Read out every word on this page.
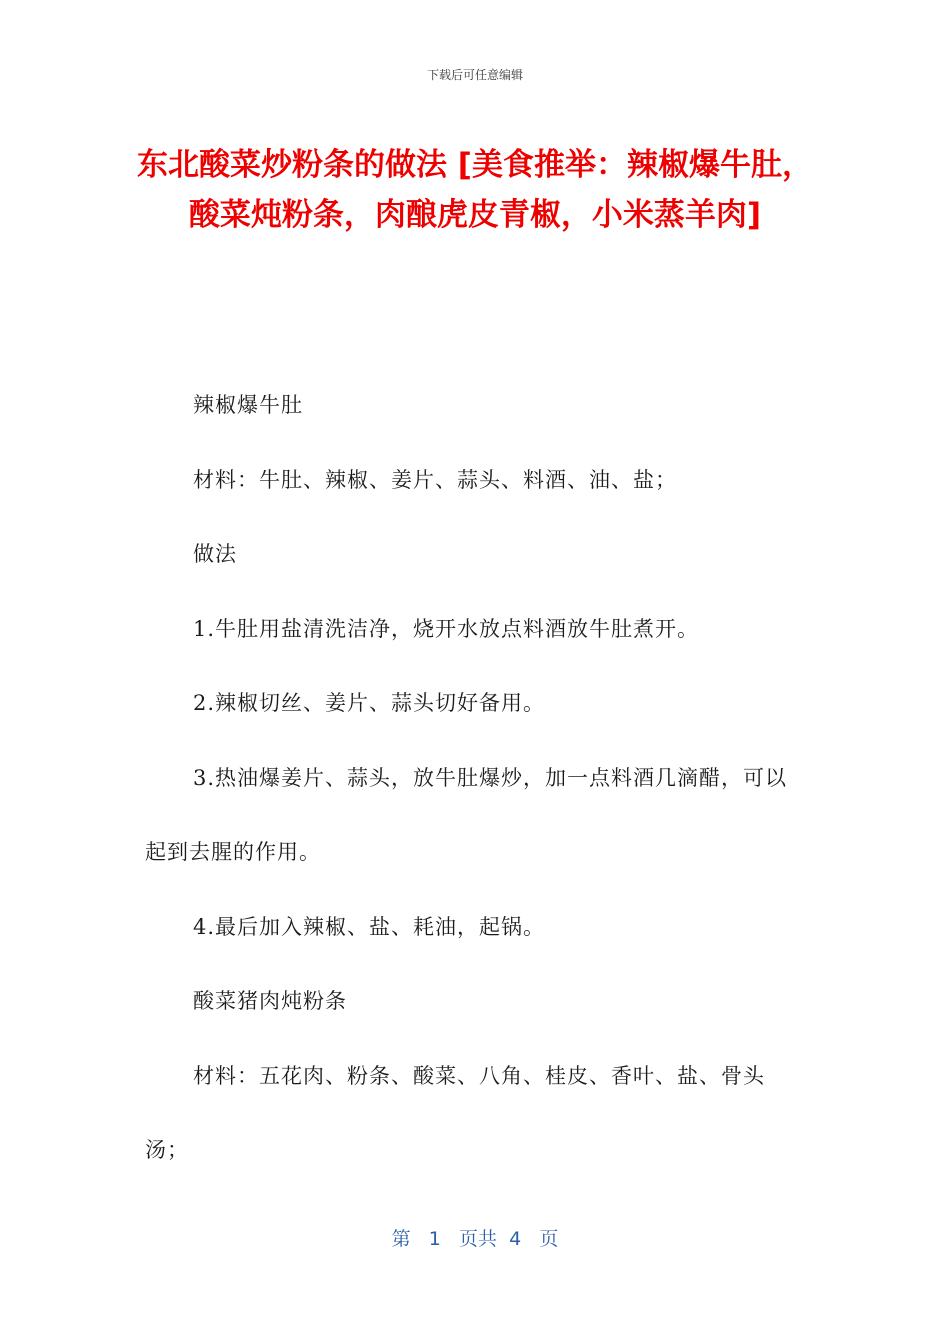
下载后可任意编辑
东北酸菜炒粉条的做法 [美食推举：辣椒爆牛肚，酸菜炖粉条，肉酿虎皮青椒，小米蒸羊肉]

辣椒爆牛肚

材料：牛肚、辣椒、姜片、蒜头、料酒、油、盐；

做法

1.牛肚用盐清洗洁净，烧开水放点料酒放牛肚煮开。

2.辣椒切丝、姜片、蒜头切好备用。

3.热油爆姜片、蒜头，放牛肚爆炒，加一点料酒几滴醋，可以起到去腥的作用。

4.最后加入辣椒、盐、耗油，起锅。

酸菜猪肉炖粉条

材料：五花肉、粉条、酸菜、八角、桂皮、香叶、盐、骨头汤；

第 1 页共 4 页
